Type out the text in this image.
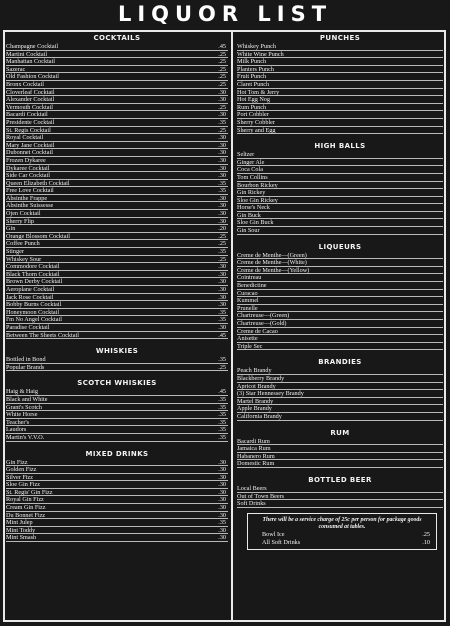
LIQUOR LIST
COCKTAILS
Champagne Cocktail	.45
Martini Cocktail	.25
Manhattan Cocktail	.25
Sazerac	.25
Old Fashion Cocktail	.25
Bronx Cocktail	.25
Cloverleaf Cocktail	.30
Alexander Cocktail	.30
Vermouth Cocktail	.25
Bacardi Cocktail	.30
Presidente Cocktail	.35
St. Regis Cocktail	.25
Royal Cocktail	.30
Mary Jane Cocktail	.30
Dubonnet Cocktail	.30
Frozen Dykaree	.30
Dykaree Cocktail	.30
Side Car Cocktail	.30
Queen Elizabeth Cocktail	.35
Free Love Cocktail	.35
Absinthe Frappe	.30
Absinthe Suissesse	.30
Ojen Cocktail	.30
Sherry Flip	.30
Gin	.20
Orange Blossom Cocktail	.25
Coffee Punch	.25
Stinger	.35
Whiskey Sour	.25
Commodore Cocktail	.30
Black Thorn Cocktail	.30
Brown Derby Cocktail	.30
Aeroplane Cocktail	.30
Jack Rose Cocktail	.30
Bobby Burns Cocktail	.30
Honeymoon Cocktail	.35
I'm No Angel Cocktail	.35
Paradise Cocktail	.30
Between The Sheets Cocktail	.45
WHISKIES
Bottled in Bond	.35
Popular Brands	.25
SCOTCH WHISKIES
Haig & Haig	.45
Black and White	.35
Grant's Scotch	.35
White Horse	.35
Teacher's	.35
Laudors	.35
Martin's V.V.O.	.35
MIXED DRINKS
Gin Fizz	.30
Golden Fizz	.30
Silver Fizz	.30
Sloe Gin Fizz	.30
St. Regis' Gin Fizz	.30
Royal Gin Fizz	.30
Cream Gin Fizz	.30
Du Bonnet Fizz	.30
Mint Julep	.35
Mint Toddy	.30
Mint Smash	.30
PUNCHES
Whiskey Punch
White Wine Punch
Milk Punch
Planters Punch
Fruit Punch
Claret Punch
Hot Tom & Jerry
Hot Egg Nog
Rum Punch
Port Cobbler
Sherry Cobbler
Sherry and Egg
HIGH BALLS
Seltzer
Ginger Ale
Coca Cola
Tom Collins
Bourbon Rickey
Gin Rickey
Sloe Gin Rickey
Horse's Neck
Gin Buck
Sloe Gin Buck
Gin Sour
LIQUEURS
Creme de Menthe—(Green)
Creme de Menthe—(White)
Creme de Menthe—(Yellow)
Cointreau
Benedictine
Curacao
Kummel
Prunelle
Chartreuse—(Green)
Chartreuse—(Gold)
Creme de Cacao
Anisette
Triple Sec
BRANDIES
Peach Brandy
Blackberry Brandy
Apricot Brandy
(3) Star Hennessey Brandy
Martel Brandy
Apple Brandy
California Brandy
RUM
Bacardi Rum
Jamaica Rum
Habanero Rum
Domestic Rum
BOTTLED BEER
Local Beers
Out of Town Beers
Soft Drinks
There will be a service charge of 25c per person for package goods consumed at tables.
Bowl Ice	.25
All Soft Drinks	.10
